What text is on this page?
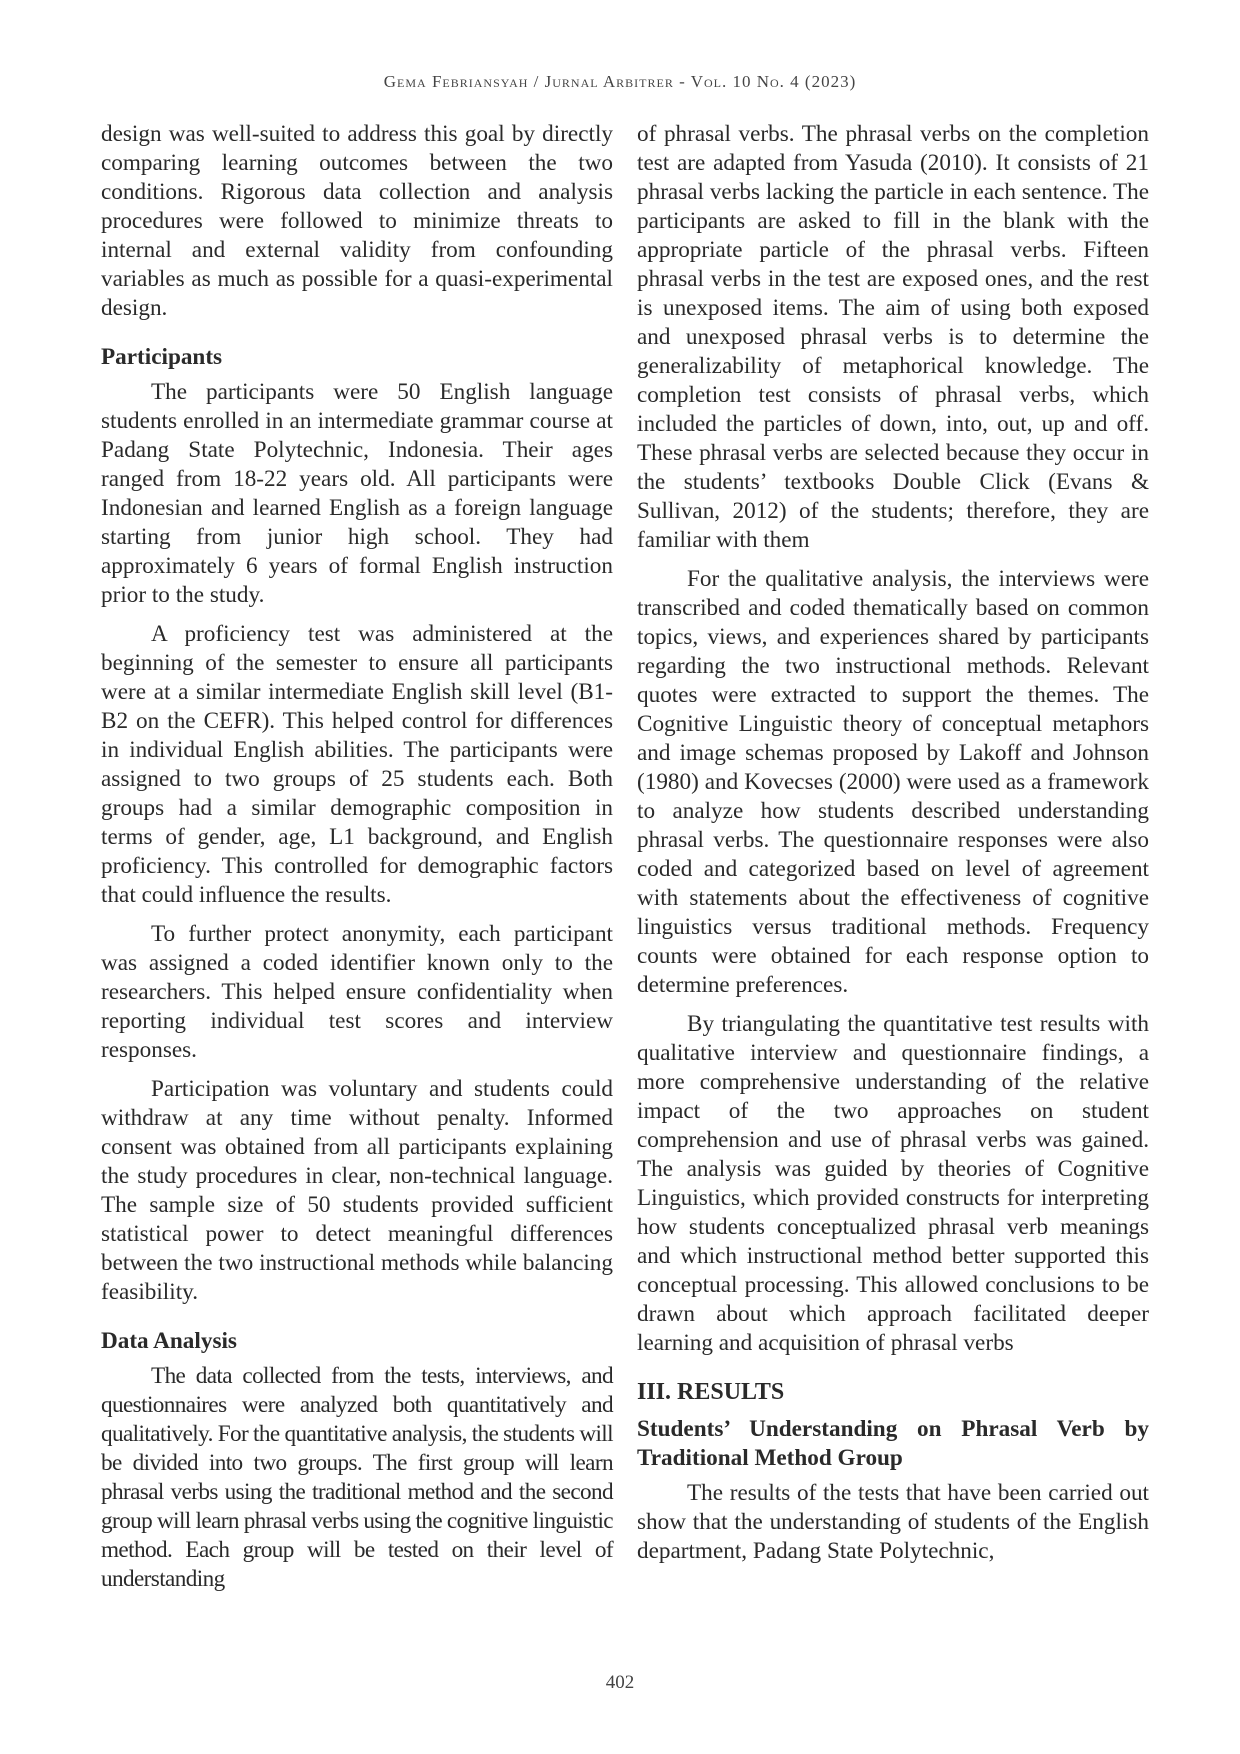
Gema Febriansyah / Jurnal Arbitrer - Vol. 10 No. 4 (2023)

design was well-suited to address this goal by directly comparing learning outcomes between the two conditions. Rigorous data collection and analysis procedures were followed to minimize threats to internal and external validity from confounding variables as much as possible for a quasi-experimental design.

Participants

The participants were 50 English language students enrolled in an intermediate grammar course at Padang State Polytechnic, Indonesia. Their ages ranged from 18-22 years old. All participants were Indonesian and learned English as a foreign language starting from junior high school. They had approximately 6 years of formal English instruction prior to the study.

A proficiency test was administered at the beginning of the semester to ensure all participants were at a similar intermediate English skill level (B1-B2 on the CEFR). This helped control for differences in individual English abilities. The participants were assigned to two groups of 25 students each. Both groups had a similar demographic composition in terms of gender, age, L1 background, and English proficiency. This controlled for demographic factors that could influence the results.

To further protect anonymity, each participant was assigned a coded identifier known only to the researchers. This helped ensure confidentiality when reporting individual test scores and interview responses.

Participation was voluntary and students could withdraw at any time without penalty. Informed consent was obtained from all participants explaining the study procedures in clear, non-technical language. The sample size of 50 students provided sufficient statistical power to detect meaningful differences between the two instructional methods while balancing feasibility.

Data Analysis

The data collected from the tests, interviews, and questionnaires were analyzed both quantitatively and qualitatively. For the quantitative analysis, the students will be divided into two groups. The first group will learn phrasal verbs using the traditional method and the second group will learn phrasal verbs using the cognitive linguistic method. Each group will be tested on their level of understanding

of phrasal verbs. The phrasal verbs on the completion test are adapted from Yasuda (2010). It consists of 21 phrasal verbs lacking the particle in each sentence. The participants are asked to fill in the blank with the appropriate particle of the phrasal verbs. Fifteen phrasal verbs in the test are exposed ones, and the rest is unexposed items. The aim of using both exposed and unexposed phrasal verbs is to determine the generalizability of metaphorical knowledge. The completion test consists of phrasal verbs, which included the particles of down, into, out, up and off. These phrasal verbs are selected because they occur in the students’ textbooks Double Click (Evans & Sullivan, 2012) of the students; therefore, they are familiar with them

For the qualitative analysis, the interviews were transcribed and coded thematically based on common topics, views, and experiences shared by participants regarding the two instructional methods. Relevant quotes were extracted to support the themes. The Cognitive Linguistic theory of conceptual metaphors and image schemas proposed by Lakoff and Johnson (1980) and Kovecses (2000) were used as a framework to analyze how students described understanding phrasal verbs. The questionnaire responses were also coded and categorized based on level of agreement with statements about the effectiveness of cognitive linguistics versus traditional methods. Frequency counts were obtained for each response option to determine preferences.

By triangulating the quantitative test results with qualitative interview and questionnaire findings, a more comprehensive understanding of the relative impact of the two approaches on student comprehension and use of phrasal verbs was gained. The analysis was guided by theories of Cognitive Linguistics, which provided constructs for interpreting how students conceptualized phrasal verb meanings and which instructional method better supported this conceptual processing. This allowed conclusions to be drawn about which approach facilitated deeper learning and acquisition of phrasal verbs

III. RESULTS
Students’ Understanding on Phrasal Verb by Traditional Method Group

The results of the tests that have been carried out show that the understanding of students of the English department, Padang State Polytechnic,

402
